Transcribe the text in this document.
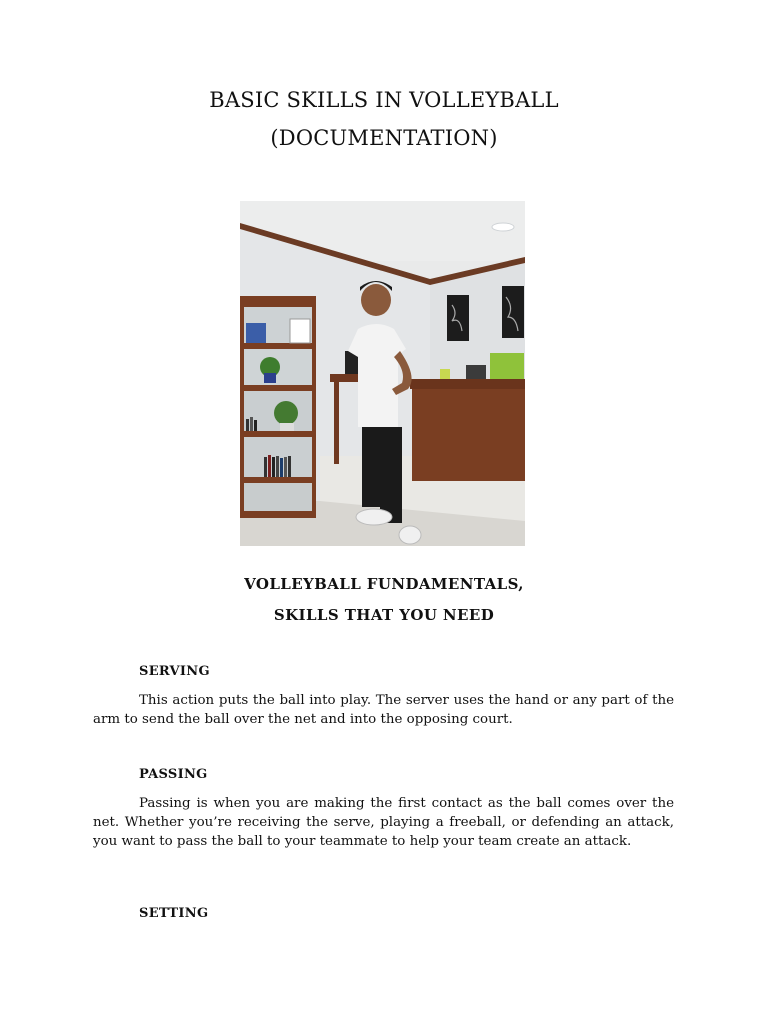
BASIC SKILLS IN VOLLEYBALL
(DOCUMENTATION)
VOLLEYBALL FUNDAMENTALS,
SKILLS THAT YOU NEED
SERVING

This action puts the ball into play. The server uses the hand or any part of the arm to send the ball over the net and into the opposing court.

PASSING

Passing is when you are making the first contact as the ball comes over the net. Whether you’re receiving the serve, playing a freeball, or defending an attack, you want to pass the ball to your teammate to help your team create an attack.

SETTING
